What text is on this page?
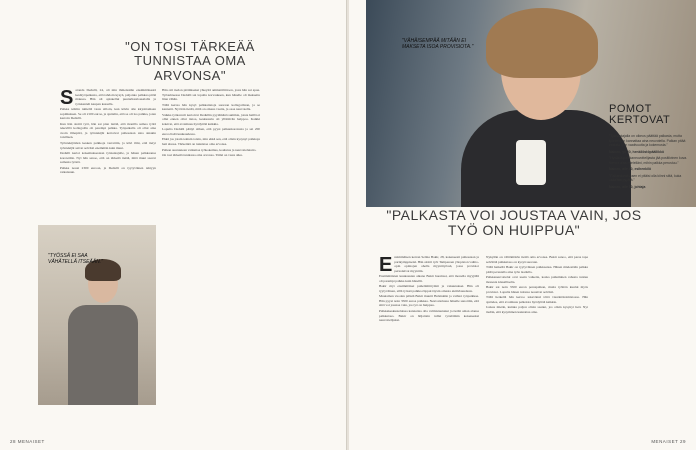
"ON TOSI TÄRKEÄÄ TUNNISTAA OMA ARVONSA"
S aranda Dedulli, 24, oli niin ihmeissään ensimmäisestä kesätyöpaikasta, että tahdoin kysyä, paljonko palkkaa pitää maksaa. Hän oli opiskellut puutarhatalousalalla ja työskenteli kaupan kassalla.

Palkka tehtiin nimellä vasta silloin, kun kävin alle kirjoittamaan sopimuksen. Se oli 2100 euroa, ja ajattelin, että se oli iso palkka, joten kerroin Dedulli.

Kun hän aloitti työt, hän sai pian tietää, että monilla samaa työtä tekevillä kollegoilla oli parempi palkka. Työpaikalla oli ollut aina avoin ilmapiiri, ja työntekijät kertoivat palkastaan aina ainakin toisilleen.

Työntekijöiden kesken palkkoja verrattiin, ja kävi ilmi, että tietyt työntekijät saivat selvästi enemmän kuin muut.

Dedulli kertoi kokemuksestaan työnantajalle, ja hänen palkkaansa korotettiin. Nyt hän sanoo, että on tärkeää tietää, mitä muut saavat samasta työstä.

Palkka nousi 2300 euroon, ja Dedulli on tyytyväinen tehtyyn ratkaisuun.

Hän otti tiedon pitämiseksi yhteyttä ammattiliittoon, josta hän sai apua. Työsuhteessa Dedulli sai lopulta korvauksen, kun hänelle oli maksettu liian vähän.

Tällä kertaa hän kysyi palkkatietoja suoraan kollegoiltaan, ja se kannatti. Nyt hän tietää, mitä on oikeus vaatia, ja osaa neuvotella.

Vaikka työkaverit kertoivat Dedullin pyytämänä summia, joista heillä ei ollut ennen ollut tietoa, keskustelu oli yllättävän helppoa. Kaikki kokivat, että avoimuus hyödyttää kaikkia.

Lopulta Dedulli päätyi siihen, että pyysi palkankorotusta ja sai 200 euroa lisää kuukaudessa.

Ehkä jos jotain tekisin toisin, niin ehkä sen, että olisin kysynyt palkkoja heti alussa. Tärkeintä on tunnistaa oma arvonsa.

Palkan suuruuteen vaikuttaa työkokemus, koulutus ja neuvottelutaito.

On tosi tärkeää tunnistaa oma arvonsa. Tämä on vasta alku.

"TYÖSSÄ EI SAA VÄHÄTELLÄ ITSEÄÄN."
28 MENAISET
"VÄHÄISEMPÄÄ MITÄÄN EI MAKSETA ISOA PROVISIOTA."
"PALKASTA VOI JOUSTAA VAIN, JOS TYÖ ON HUIPPUA"
E nsimmäisen kerran Selina Bakir, 28, kokeneesti palkastaan ja parikymppisenä. Hän aloitti työt Tampereen yliopiston vaihto-opin opintojen ohella myyntityössä, jossa provisiot perustuivat myyntiin.

Ensimmäisten kuukausien aikana Bakir huomasi, että monella myyjällä oli parempi palkka kuin hänellä.

Bakir myi ensimmäiset puhelinliittymät ja vakuutukset. Hän oli tyytyväinen, sillä työssä palkka riippui täysin omasta aktiivisuudesta.

Muutaman vuoden päästä Bakir muutti Helsinkiin ja vaihtoi työpaikkaa. Hän pyysi noin 3500 euroa palkkaa. Neuvottelussa hänelle sanottiin, että siitä voi joustaa vain, jos työ on huippua.

Palkkakeskusteluissa kannattaa olla valmistautunut ja tietää oman alansa palkkataso. Bakir on hiljattain tullut työelämän kokeneeksi neuvottelijaksi.

Nykyään on välttämätön tietää oma arvonsa. Bakir sanoo, että paras tapa selvittää palkkataso on kysyä suoraan.

Tällä hetkellä Bakir on tyytyväinen palkkaansa. Hänen mielestään palkka pitää perustella aina työn laadulla.

Palkkaneuvottelut ovat usein vaikeita, koska puhuminen rahasta tuntuu monesta kiusalliselta.

Bakir sai noin 3500 euron peruspalkan, mutta työhön kuului myös provisiot. Lopulta hänen tulonsa nousivat selvästi.

Tällä hetkellä hän kertoo tekevänsä töitä viestintätoimistossa. Hän ajattelee, että avoimuus palkoista hyödyttää kaikkia.

Joskus mietin, kuinka paljon olisin saanut, jos olisin kysynyt heti. Nyt tiedän, että kysyminen kannattaa aina.

POMOT KERTOVAT

"Työnantajalla on oikeus päättää palkasta, mutta työntekijän kannattaa aina neuvotella. Palkan pitää vastata työn vaativuutta ja kokemusta."

Nainen, yli 50, henkilöstöpäällikkö

"Hyvästä palkkaneuvottelijasta jää positiivinen kuva. Kerron aina mielelläni, mihin palkka perustuu."

Nainen, alle 40, esihenkilö

"Palkankorotuksen ei pitäisi olla kiinni siitä, kuka uskaltaa pyytää."

Nainen, alle 50, johtaja

MENAISET 29
